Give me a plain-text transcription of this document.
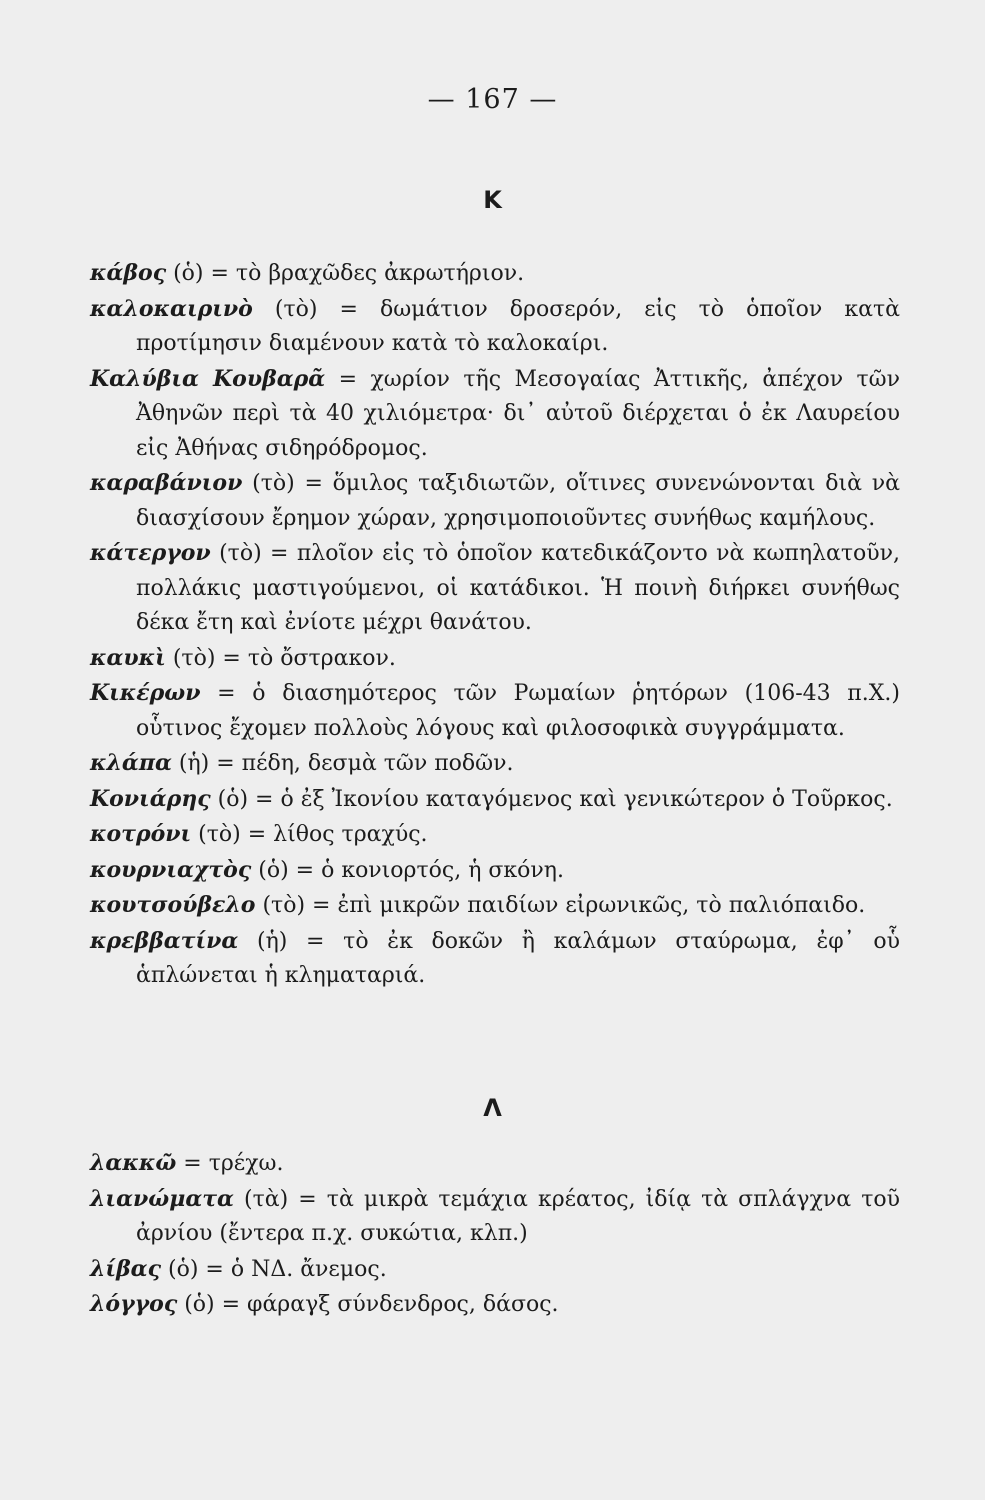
— 167 —
Κ
κάβος (ὁ) = τὸ βραχῶδες ἀκρωτήριον.
καλοκαιρινὸ (τὸ) = δωμάτιον δροσερόν, εἰς τὸ ὁποῖον κατὰ προτίμησιν διαμένουν κατὰ τὸ καλοκαίρι.
Καλύβια Κουβαρᾶ = χωρίον τῆς Μεσογαίας Ἀττικῆς, ἀπέχον τῶν Ἀθηνῶν περὶ τὰ 40 χιλιόμετρα· δι᾽ αὐτοῦ διέρχεται ὁ ἐκ Λαυρείου εἰς Ἀθήνας σιδηρόδρομος.
καραβάνιον (τὸ) = ὅμιλος ταξιδιωτῶν, οἵτινες συνενώνονται διὰ νὰ διασχίσουν ἔρημον χώραν, χρησιμοποιοῦντες συνήθως καμήλους.
κάτεργον (τὸ) = πλοῖον εἰς τὸ ὁποῖον κατεδικάζοντο νὰ κωπηλατοῦν, πολλάκις μαστιγούμενοι, οἱ κατάδικοι. Ἡ ποινὴ διήρκει συνήθως δέκα ἔτη καὶ ἐνίοτε μέχρι θανάτου.
καυκὶ (τὸ) = τὸ ὄστρακον.
Κικέρων = ὁ διασημότερος τῶν Ρωμαίων ῥητόρων (106-43 π.Χ.) οὗτινος ἔχομεν πολλοὺς λόγους καὶ φιλοσοφικὰ συγγράμματα.
κλάπα (ἡ) = πέδη, δεσμὰ τῶν ποδῶν.
Κονιάρης (ὁ) = ὁ ἐξ Ἰκονίου καταγόμενος καὶ γενικώτερον ὁ Τοῦρκος.
κοτρόνι (τὸ) = λίθος τραχύς.
κουρνιαχτὸς (ὁ) = ὁ κονιορτός, ἡ σκόνη.
κουτσούβελο (τὸ) = ἐπὶ μικρῶν παιδίων εἰρωνικῶς, τὸ παλιόπαιδο.
κρεββατίνα (ἡ) = τὸ ἐκ δοκῶν ἢ καλάμων σταύρωμα, ἐφ᾽ οὗ ἁπλώνεται ἡ κληματαριά.
Λ
λακκῶ = τρέχω.
λιανώματα (τὰ) = τὰ μικρὰ τεμάχια κρέατος, ἰδίᾳ τὰ σπλάγχνα τοῦ ἀρνίου (ἔντερα π.χ. συκώτια, κλπ.)
λίβας (ὁ) = ὁ ΝΔ. ἄνεμος.
λόγγος (ὁ) = φάραγξ σύνδενδρος, δάσος.
